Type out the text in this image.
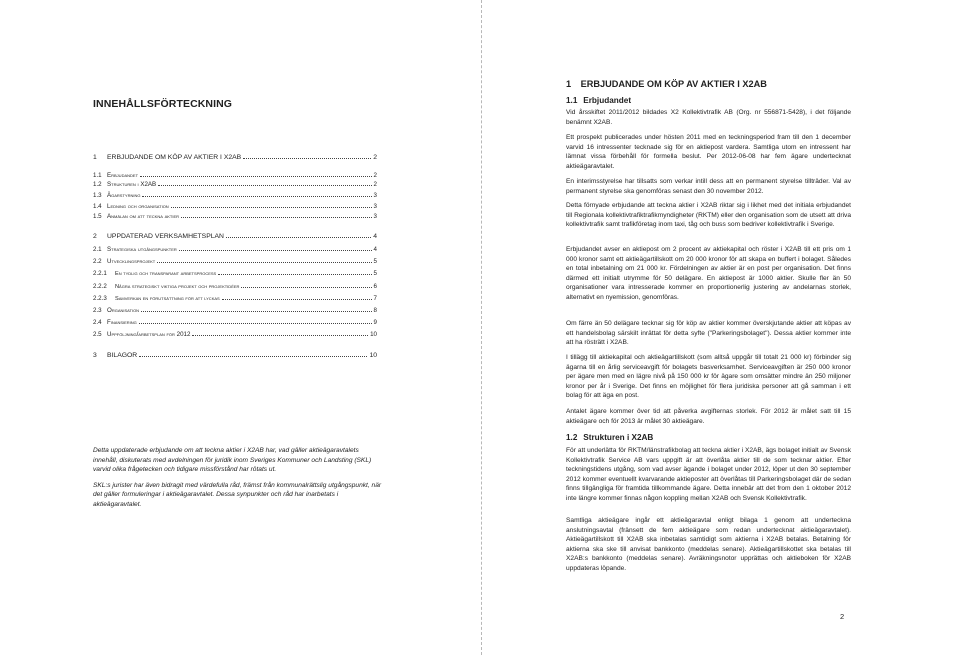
INNEHÅLLSFÖRTECKNING
1	ERBJUDANDE OM KÖP AV AKTIER I X2AB	2
1.1 Erbjudandet	2
1.2 Strukturen i X2AB	2
1.3 Ägarstyrning	3
1.4 Ledning och organisation	3
1.5 Anmälan om att teckna aktier	3
2	UPPDATERAD VERKSAMHETSPLAN	4
2.1 Strategiska utgångspunkter	4
2.2 Utvecklingsprojekt	5
2.2.1	En tydlig och transparant arbetsprocess	5
2.2.2	Några strategiskt viktiga projekt och projektidéer	6
2.2.3	Samverkan en förutsättning för att lyckas	7
2.3 Organisation	8
2.4 Finansiering	9
2.5 Uppföljning/arbetsplan för 2012	10
3	BILAGOR	10

Detta uppdaterade erbjudande om att teckna aktier i X2AB har, vad gäller aktieägaravtalets innehåll, diskuterats med avdelningen för juridik inom Sveriges Kommuner och Landsting (SKL) varvid olika frågetecken och tidigare missförstånd har rötats ut.

SKL:s jurister har även bidragit med värdefulla råd, främst från kommunalrättslig utgångspunkt, när det gäller formuleringar i aktieägaravtalet. Dessa synpunkter och råd har inarbetats i aktieägaravtalet.

1 ERBJUDANDE OM KÖP AV AKTIER I X2AB
1.1 Erbjudandet

Vid årsskiftet 2011/2012 bildades X2 Kollektivtrafik AB (Org. nr 556871-5428), i det följande benämnt X2AB.

Ett prospekt publicerades under hösten 2011 med en teckningsperiod fram till den 1 december varvid 16 intressenter tecknade sig för en aktiepost vardera. Samtliga utom en intressent har lämnat vissa förbehåll för formella beslut. Per 2012-06-08 har fem ägare undertecknat aktieägaravtalet.

En interimsstyrelse har tillsatts som verkar intill dess att en permanent styrelse tillträder. Val av permanent styrelse ska genomföras senast den 30 november 2012.

Detta förnyade erbjudande att teckna aktier i X2AB riktar sig i likhet med det initiala erbjudandet till Regionala kollektivtrafiktrafikmyndigheter (RKTM) eller den organisation som de utsett att driva kollektivtrafik samt trafikföretag inom taxi, tåg och buss som bedriver kollektivtrafik i Sverige.

Erbjudandet avser en aktiepost om 2 procent av aktiekapital och röster i X2AB till ett pris om 1 000 kronor samt ett aktieägartillskott om 20 000 kronor för att skapa en buffert i bolaget. Således en total inbetalning om 21 000 kr. Fördelningen av aktier är en post per organisation. Det finns därmed ett initialt utrymme för 50 delägare. En aktiepost är 1000 aktier. Skulle fler än 50 organisationer vara intresserade kommer en proportionerlig justering av andelarnas storlek, alternativt en nyemission, genomföras.

Om färre än 50 delägare tecknar sig för köp av aktier kommer överskjutande aktier att köpas av ett handelsbolag särskilt inrättat för detta syfte ("Parkeringsbolaget"). Dessa aktier kommer inte att ha rösträtt i X2AB.

I tillägg till aktiekapital och aktieägartillskott (som alltså uppgår till totalt 21 000 kr) förbinder sig ägarna till en årlig serviceavgift för bolagets basverksamhet. Serviceavgiften är 250 000 kronor per ägare men med en lägre nivå på 150 000 kr för ägare som omsätter mindre än 250 miljoner kronor per år i Sverige. Det finns en möjlighet för flera juridiska personer att gå samman i ett bolag för att äga en post.

Antalet ägare kommer över tid att påverka avgifternas storlek. För 2012 är målet satt till 15 aktieägare och för 2013 är målet 30 aktieägare.

1.2 Strukturen i X2AB

För att underlätta för RKTM/länstrafikbolag att teckna aktier i X2AB, ägs bolaget initialt av Svensk Kollektivtrafik Service AB vars uppgift är att överlåta aktier till de som tecknar aktier. Efter teckningstidens utgång, som vad avser ägande i bolaget under 2012, löper ut den 30 september 2012 kommer eventuellt kvarvarande aktieposter att överlåtas till Parkeringsbolaget där de sedan finns tillgängliga för framtida tillkommande ägare. Detta innebär att det from den 1 oktober 2012 inte längre kommer finnas någon koppling mellan X2AB och Svensk Kollektivtrafik.

Samtliga aktieägare ingår ett aktieägaravtal enligt bilaga 1 genom att underteckna anslutningsavtal (fränsett de fem aktieägare som redan undertecknat aktieägaravtalet). Aktieägartillskott till X2AB ska inbetalas samtidigt som aktierna i X2AB betalas. Betalning för aktierna ska ske till anvisat bankkonto (meddelas senare). Aktieägartillskottet ska betalas till X2AB:s bankkonto (meddelas senare). Avräkningsnotor upprättas och aktieboken för X2AB uppdateras löpande.

2
